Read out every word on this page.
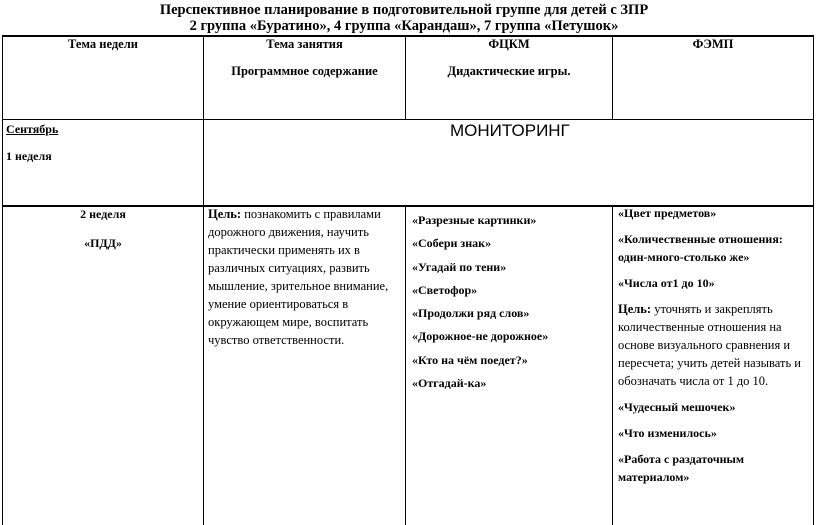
Перспективное планирование в подготовительной группе для детей с ЗПР
2 группа «Буратино», 4 группа «Карандаш», 7 группа «Петушок»
Тема недели	Тема занятия
Программное содержание
ФЦКМ
Дидактические игры.
ФЭМП
Сентябрь
1 неделя
МОНИТОРИНГ
2 неделя
«ПДД»
Цель: познакомить с правилами дорожного движения, научить практически применять их в различных ситуациях, развить мышление, зрительное внимание, умение ориентироваться в окружающем мире, воспитать чувство ответственности.
«Разрезные картинки»
«Собери знак»
«Угадай по тени»
«Светофор»
«Продолжи ряд слов»
«Дорожное-не дорожное»
«Кто на чём поедет?»
«Отгадай-ка»
«Цвет предметов»
«Количественные отношения: один-много-столько же»
«Числа от1 до 10»
Цель: уточнять и закреплять количественные отношения на основе визуального сравнения и пересчета; учить детей называть и обозначать числа от 1 до 10.
«Чудесный мешочек»
«Что изменилось»
«Работа с раздаточным материалом»
